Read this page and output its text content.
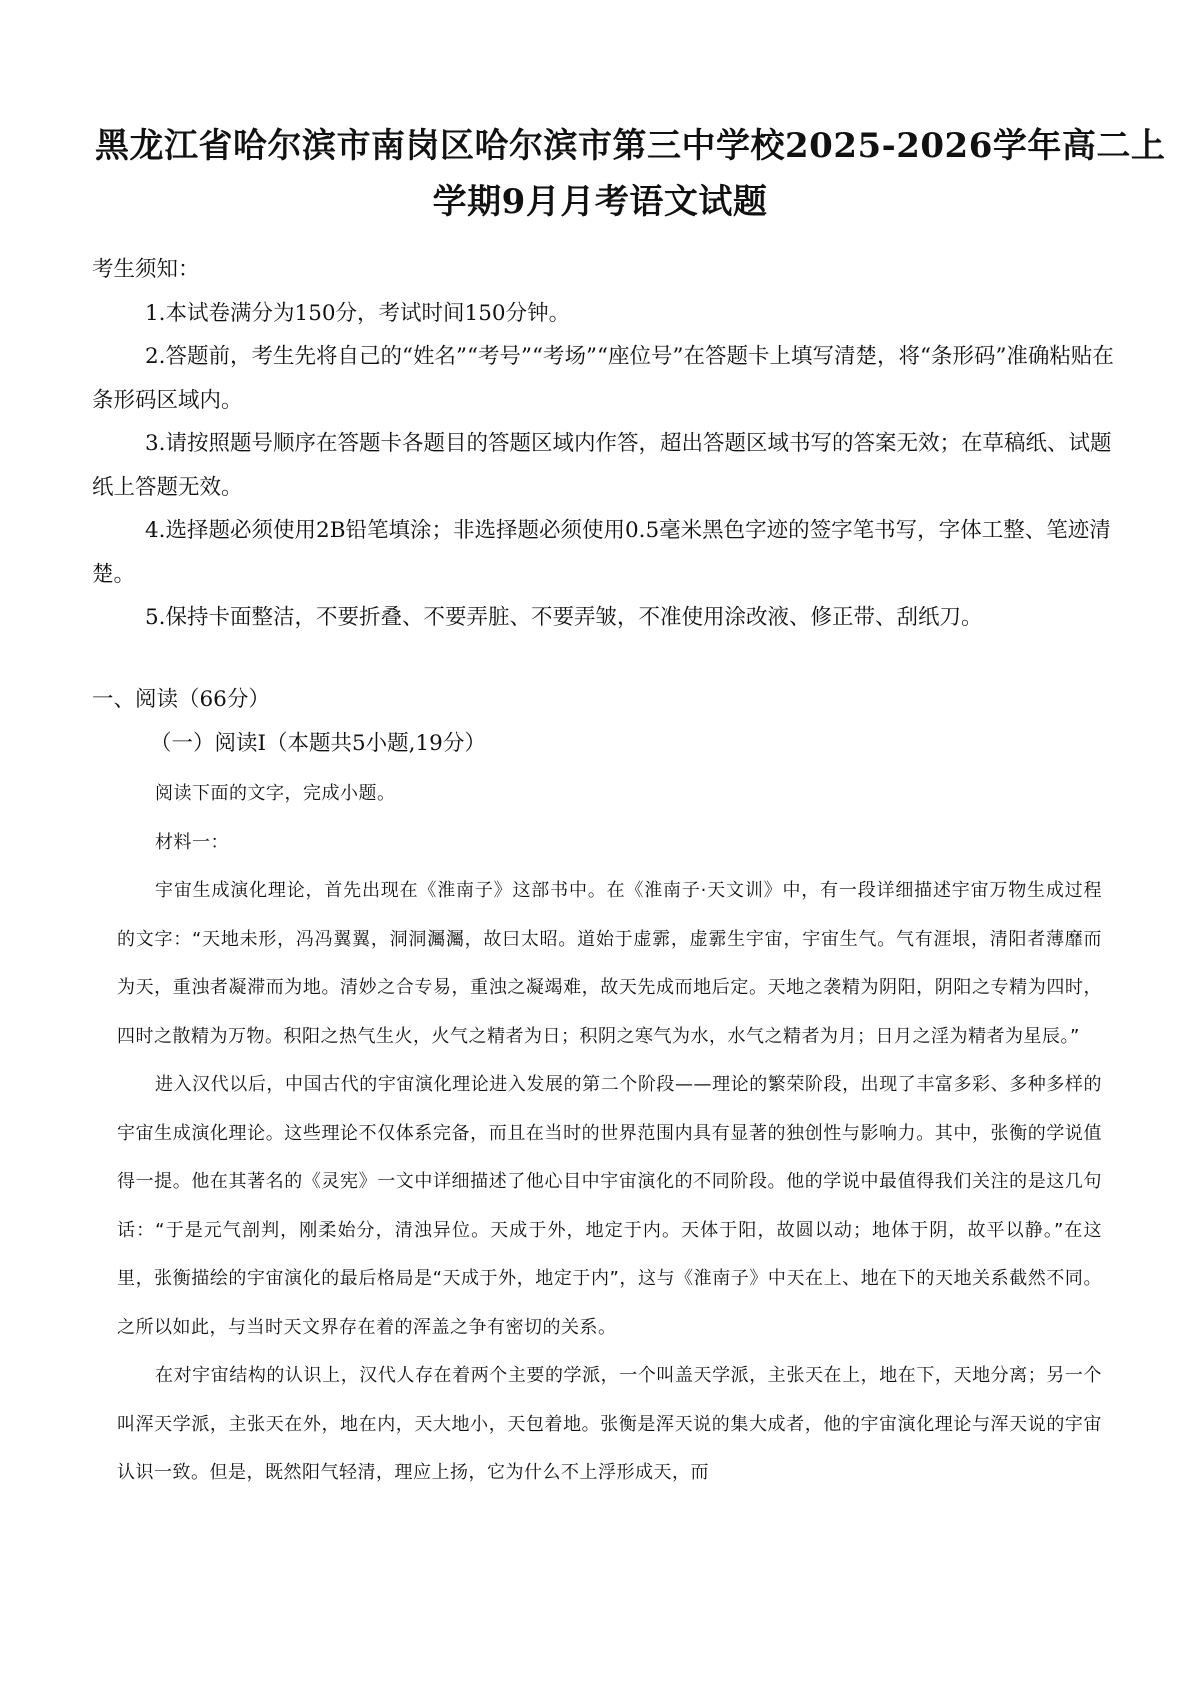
黑龙江省哈尔滨市南岗区哈尔滨市第三中学校2025-2026学年高二上
学期9月月考语文试题

考生须知：

1.本试卷满分为150分，考试时间150分钟。

2.答题前，考生先将自己的“姓名”“考号”“考场”“座位号”在答题卡上填写清楚，将“条形码”准确粘贴在条形码区域内。

3.请按照题号顺序在答题卡各题目的答题区域内作答，超出答题区域书写的答案无效；在草稿纸、试题纸上答题无效。

4.选择题必须使用2B铅笔填涂；非选择题必须使用0.5毫米黑色字迹的签字笔书写，字体工整、笔迹清楚。

5.保持卡面整洁，不要折叠、不要弄脏、不要弄皱，不准使用涂改液、修正带、刮纸刀。

一、阅读（66分）
（一）阅读Ⅰ（本题共5小题,19分）

阅读下面的文字，完成小题。

材料一：

宇宙生成演化理论，首先出现在《淮南子》这部书中。在《淮南子·天文训》中，有一段详细描述宇宙万物生成过程的文字：“天地未形，冯冯翼翼，洞洞灟灟，故曰太昭。道始于虚霩，虚霩生宇宙，宇宙生气。气有涯垠，清阳者薄靡而为天，重浊者凝滞而为地。清妙之合专易，重浊之凝竭难，故天先成而地后定。天地之袭精为阴阳，阴阳之专精为四时，四时之散精为万物。积阳之热气生火，火气之精者为日；积阴之寒气为水，水气之精者为月；日月之淫为精者为星辰。”

进入汉代以后，中国古代的宇宙演化理论进入发展的第二个阶段——理论的繁荣阶段，出现了丰富多彩、多种多样的宇宙生成演化理论。这些理论不仅体系完备，而且在当时的世界范围内具有显著的独创性与影响力。其中，张衡的学说值得一提。他在其著名的《灵宪》一文中详细描述了他心目中宇宙演化的不同阶段。他的学说中最值得我们关注的是这几句话：“于是元气剖判，刚柔始分，清浊异位。天成于外，地定于内。天体于阳，故圆以动；地体于阴，故平以静。”在这里，张衡描绘的宇宙演化的最后格局是“天成于外，地定于内”，这与《淮南子》中天在上、地在下的天地关系截然不同。之所以如此，与当时天文界存在着的浑盖之争有密切的关系。

在对宇宙结构的认识上，汉代人存在着两个主要的学派，一个叫盖天学派，主张天在上，地在下，天地分离；另一个叫浑天学派，主张天在外，地在内，天大地小，天包着地。张衡是浑天说的集大成者，他的宇宙演化理论与浑天说的宇宙认识一致。但是，既然阳气轻清，理应上扬，它为什么不上浮形成天，而
